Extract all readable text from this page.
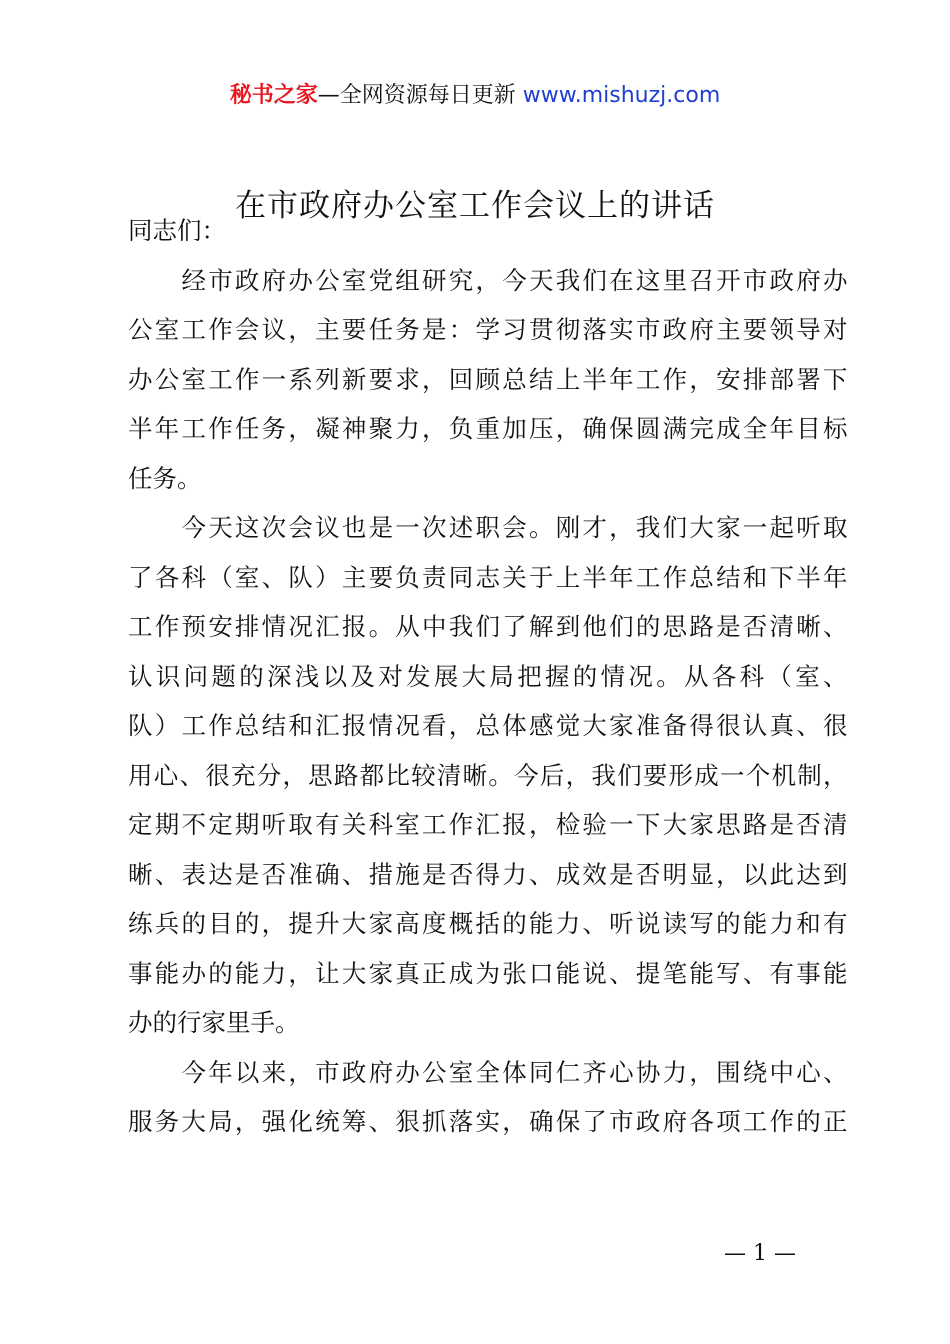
秘书之家—全网资源每日更新 www.mishuzj.com
在市政府办公室工作会议上的讲话
同志们：
　　经市政府办公室党组研究，今天我们在这里召开市政府办
公室工作会议，主要任务是：学习贯彻落实市政府主要领导对
办公室工作一系列新要求，回顾总结上半年工作，安排部署下
半年工作任务，凝神聚力，负重加压，确保圆满完成全年目标
任务。
　　今天这次会议也是一次述职会。刚才，我们大家一起听取
了各科（室、队）主要负责同志关于上半年工作总结和下半年
工作预安排情况汇报。从中我们了解到他们的思路是否清晰、
认识问题的深浅以及对发展大局把握的情况。从各科（室、
队）工作总结和汇报情况看，总体感觉大家准备得很认真、很
用心、很充分，思路都比较清晰。今后，我们要形成一个机制，
定期不定期听取有关科室工作汇报，检验一下大家思路是否清
晰、表达是否准确、措施是否得力、成效是否明显，以此达到
练兵的目的，提升大家高度概括的能力、听说读写的能力和有
事能办的能力，让大家真正成为张口能说、提笔能写、有事能
办的行家里手。
　　今年以来，市政府办公室全体同仁齐心协力，围绕中心、
服务大局，强化统筹、狠抓落实，确保了市政府各项工作的正
— 1 —
